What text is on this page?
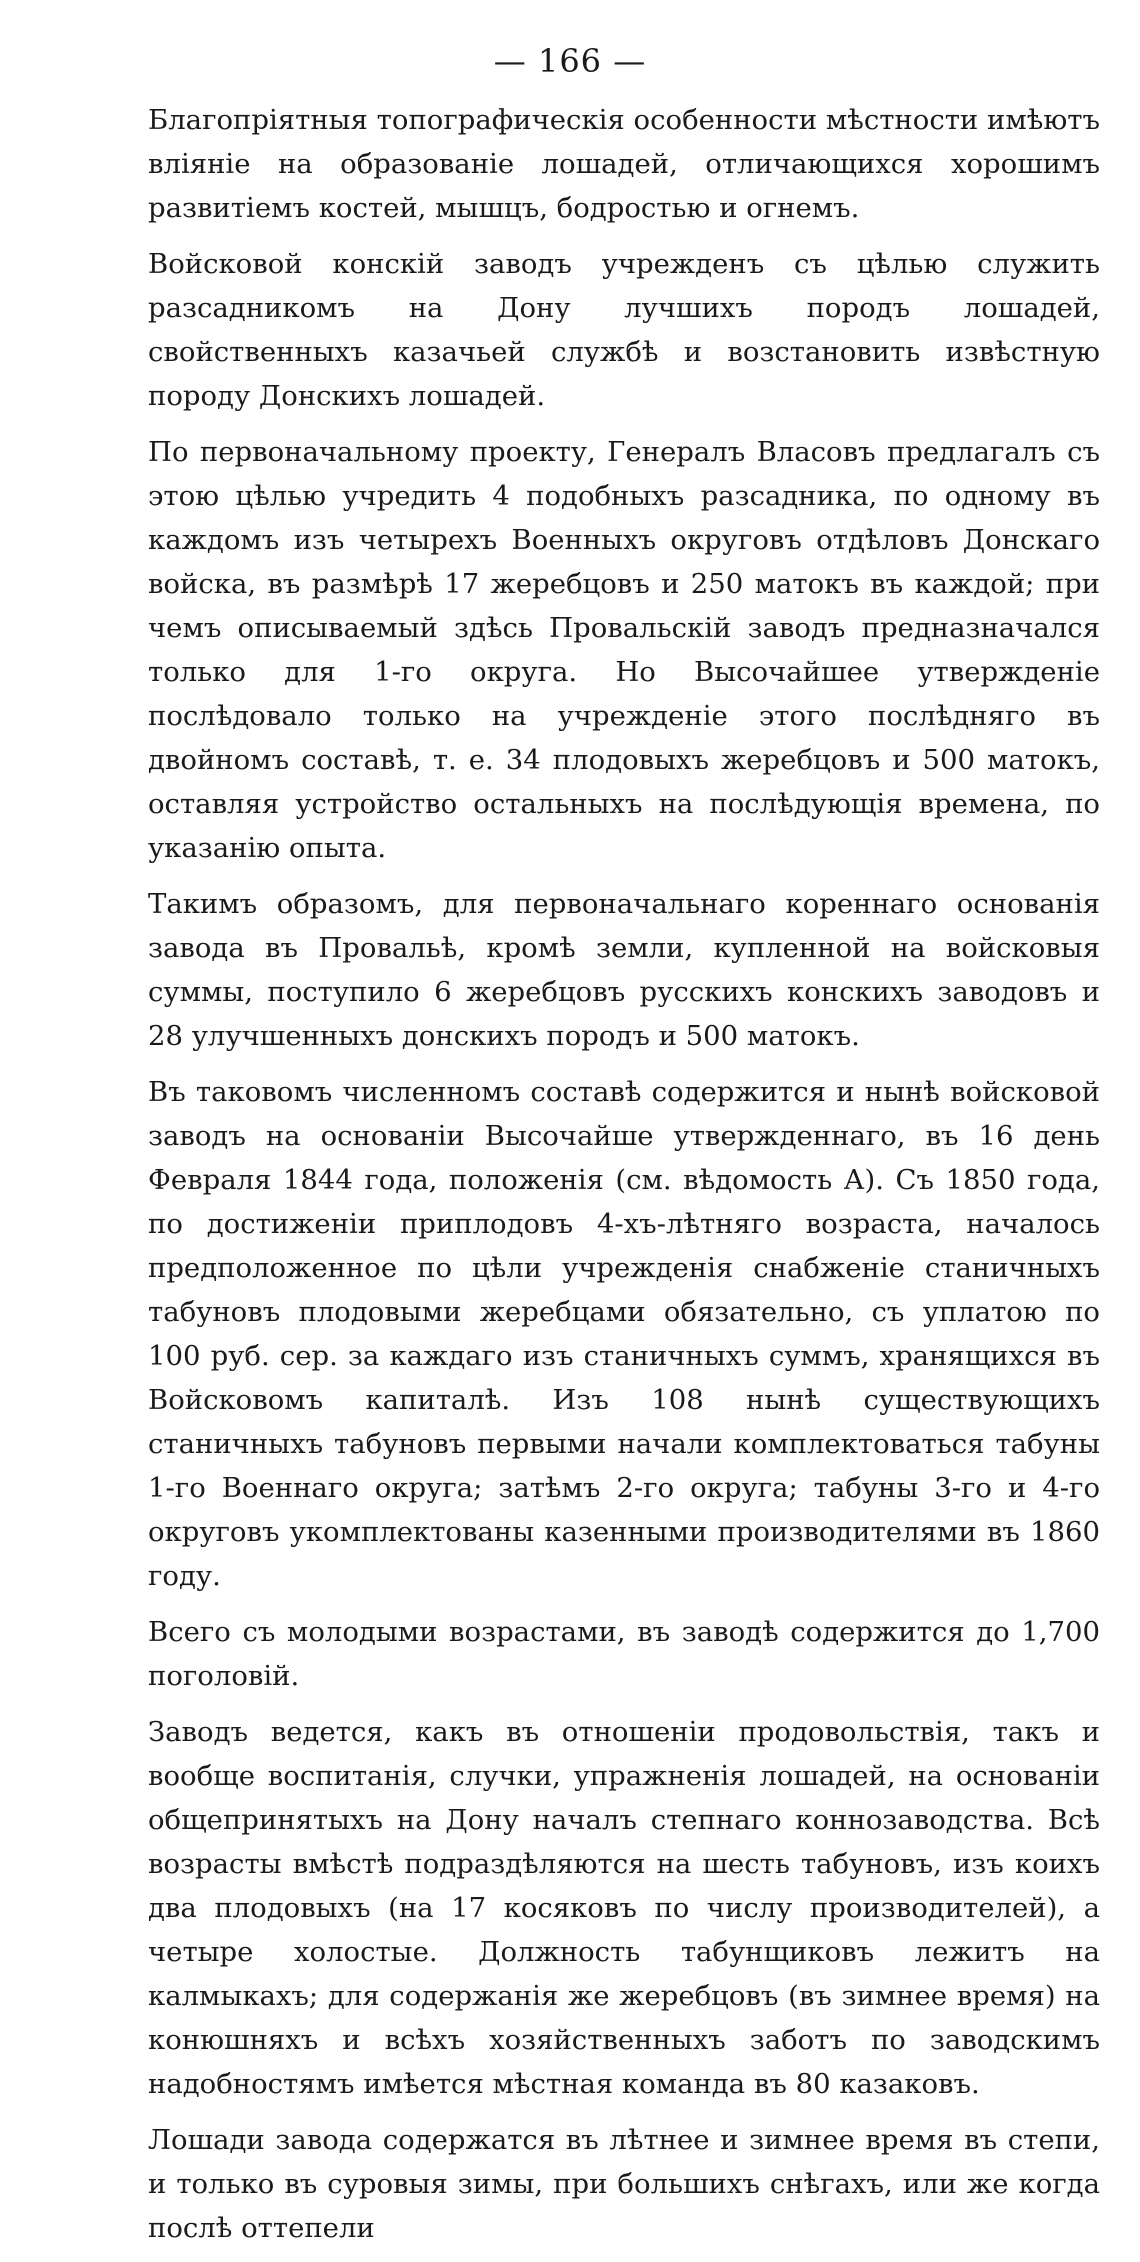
— 166 —

Благопріятныя топографическія особенности мѣстности имѣютъ вліяніе на образованіе лошадей, отличающихся хорошимъ развитіемъ костей, мышцъ, бодростью и огнемъ.

Войсковой конскій заводъ учрежденъ съ цѣлью служить разсадникомъ на Дону лучшихъ породъ лошадей, свойственныхъ казачьей службѣ и возстановить извѣстную породу Донскихъ лошадей.

По первоначальному проекту, Генералъ Власовъ предлагалъ съ этою цѣлью учредить 4 подобныхъ разсадника, по одному въ каждомъ изъ четырехъ Военныхъ округовъ отдѣловъ Донскаго войска, въ размѣрѣ 17 жеребцовъ и 250 матокъ въ каждой; при чемъ описываемый здѣсь Провальскій заводъ предназначался только для 1-го округа. Но Высочайшее утвержденіе послѣдовало только на учрежденіе этого послѣдняго въ двойномъ составѣ, т. е. 34 плодовыхъ жеребцовъ и 500 матокъ, оставляя устройство остальныхъ на послѣдующія времена, по указанію опыта.

Такимъ образомъ, для первоначальнаго кореннаго основанія завода въ Провальѣ, кромѣ земли, купленной на войсковыя суммы, поступило 6 жеребцовъ русскихъ конскихъ заводовъ и 28 улучшенныхъ донскихъ породъ и 500 матокъ.

Въ таковомъ численномъ составѣ содержится и нынѣ войсковой заводъ на основаніи Высочайше утвержденнаго, въ 16 день Февраля 1844 года, положенія (см. вѣдомость А). Съ 1850 года, по достиженіи приплодовъ 4-хъ-лѣтняго возраста, началось предположенное по цѣли учрежденія снабженіе станичныхъ табуновъ плодовыми жеребцами обязательно, съ уплатою по 100 руб. сер. за каждаго изъ станичныхъ суммъ, хранящихся въ Войсковомъ капиталѣ. Изъ 108 нынѣ существующихъ станичныхъ табуновъ первыми начали комплектоваться табуны 1-го Военнаго округа; затѣмъ 2-го округа; табуны 3-го и 4-го округовъ укомплектованы казенными производителями въ 1860 году.

Всего съ молодыми возрастами, въ заводѣ содержится до 1,700 поголовій.

Заводъ ведется, какъ въ отношеніи продовольствія, такъ и вообще воспитанія, случки, упражненія лошадей, на основаніи общепринятыхъ на Дону началъ степнаго коннозаводства. Всѣ возрасты вмѣстѣ подраздѣляются на шесть табуновъ, изъ коихъ два плодовыхъ (на 17 косяковъ по числу производителей), а четыре холостые. Должность табунщиковъ лежитъ на калмыкахъ; для содержанія же жеребцовъ (въ зимнее время) на конюшняхъ и всѣхъ хозяйственныхъ заботъ по заводскимъ надобностямъ имѣется мѣстная команда въ 80 казаковъ.

Лошади завода содержатся въ лѣтнее и зимнее время въ степи, и только въ суровыя зимы, при большихъ снѣгахъ, или же когда послѣ оттепели
